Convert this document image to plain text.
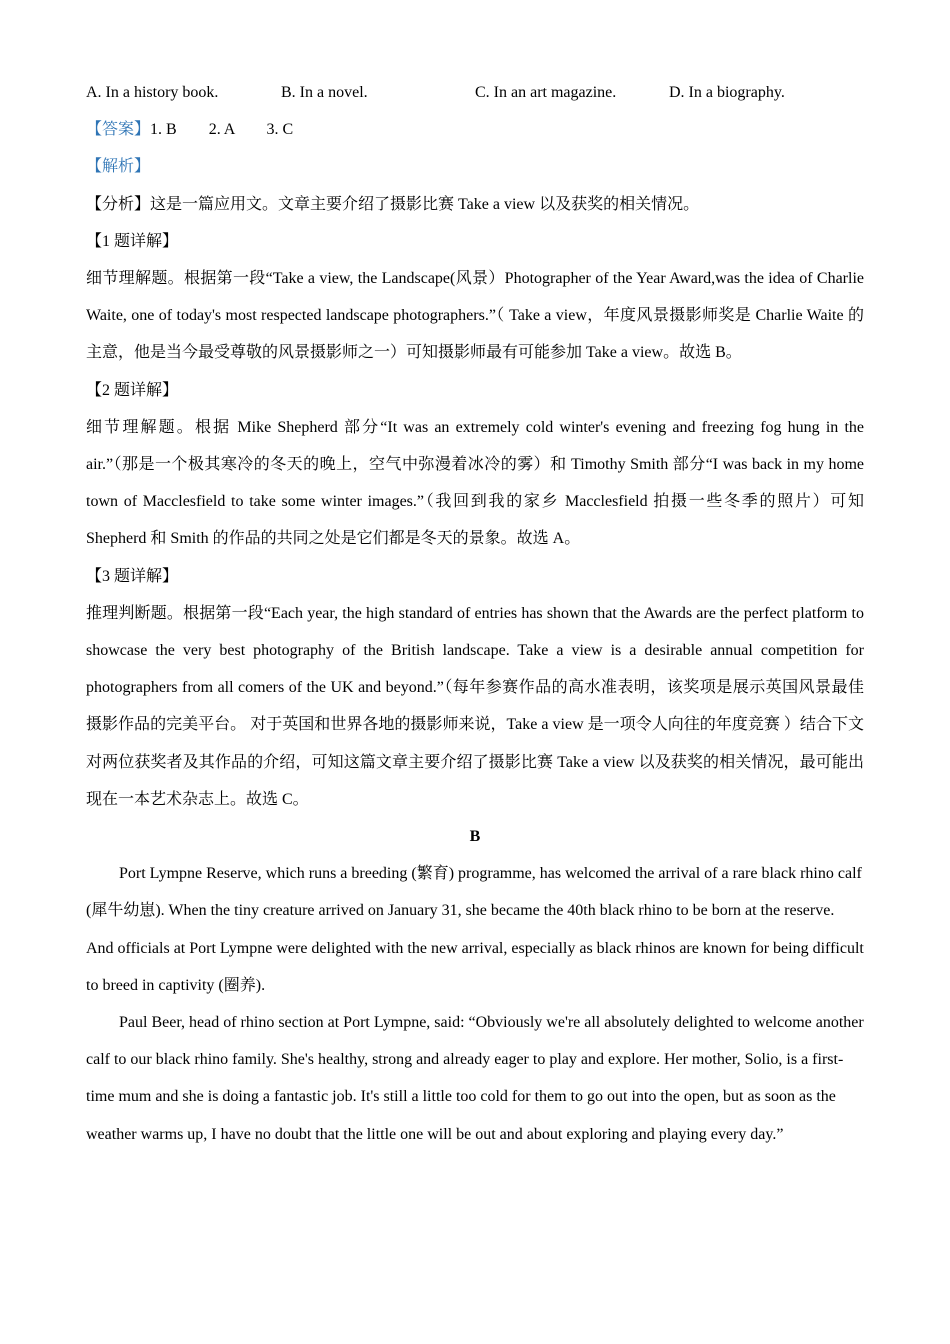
A. In a history book.	B. In a novel.	C. In an art magazine.	D. In a biography.
【答案】1. B        2. A        3. C
【解析】
【分析】这是一篇应用文。文章主要介绍了摄影比赛 Take a view 以及获奖的相关情况。
【1 题详解】
细节理解题。根据第一段“Take a view, the Landscape(风景）Photographer of the Year Award,was the idea of Charlie Waite, one of today's most respected landscape photographers.”（ Take a view，年度风景摄影师奖是 Charlie Waite 的主意，他是当今最受尊敬的风景摄影师之一）可知摄影师最有可能参加 Take a view。故选 B。
【2 题详解】
细节理解题。根据 Mike Shepherd 部分“It was an extremely cold winter's evening and freezing fog hung in the air.”（那是一个极其寒冷的冬天的晚上，空气中弥漫着冰冷的雾）和 Timothy Smith 部分“I was back in my home town of Macclesfield to take some winter images.”（我回到我的家乡 Macclesfield 拍摄一些冬季的照片）可知 Shepherd 和 Smith 的作品的共同之处是它们都是冬天的景象。故选 A。
【3 题详解】
推理判断题。根据第一段“Each year, the high standard of entries has shown that the Awards are the perfect platform to showcase the very best photography of the British landscape. Take a view is a desirable annual competition for photographers from all comers of the UK and beyond.”（每年参赛作品的高水准表明，该奖项是展示英国风景最佳摄影作品的完美平台。 对于英国和世界各地的摄影师来说，Take a view 是一项令人向往的年度竞赛 ）结合下文对两位获奖者及其作品的介绍，可知这篇文章主要介绍了摄影比赛 Take a view 以及获奖的相关情况，最可能出现在一本艺术杂志上。故选 C。
B
Port Lympne Reserve, which runs a breeding (繁育) programme, has welcomed the arrival of a rare black rhino calf (犀牛幼崽). When the tiny creature arrived on January 31, she became the 40th black rhino to be born at the reserve. And officials at Port Lympne were delighted with the new arrival, especially as black rhinos are known for being difficult to breed in captivity (圈养).
Paul Beer, head of rhino section at Port Lympne, said: “Obviously we're all absolutely delighted to welcome another calf to our black rhino family. She's healthy, strong and already eager to play and explore. Her mother, Solio, is a first-time mum and she is doing a fantastic job. It's still a little too cold for them to go out into the open, but as soon as the weather warms up, I have no doubt that the little one will be out and about exploring and playing every day.”
